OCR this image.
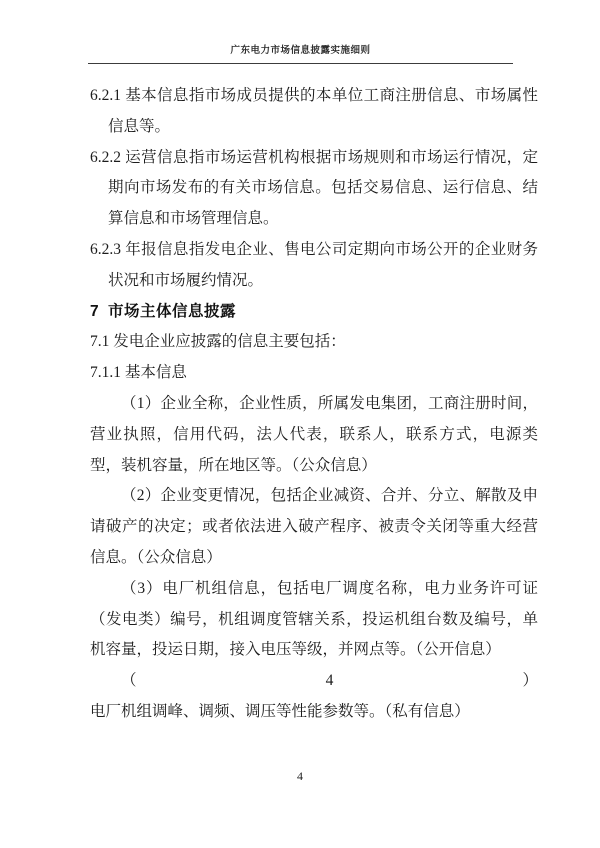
广东电力市场信息披露实施细则

6.2.1 基本信息指市场成员提供的本单位工商注册信息、市场属性信息等。

6.2.2 运营信息指市场运营机构根据市场规则和市场运行情况，定期向市场发布的有关市场信息。包括交易信息、运行信息、结算信息和市场管理信息。

6.2.3 年报信息指发电企业、售电公司定期向市场公开的企业财务状况和市场履约情况。

7 市场主体信息披露

7.1 发电企业应披露的信息主要包括：

7.1.1 基本信息

（1）企业全称，企业性质，所属发电集团，工商注册时间，营业执照，信用代码，法人代表，联系人，联系方式，电源类型，装机容量，所在地区等。（公众信息）

（2）企业变更情况，包括企业减资、合并、分立、解散及申请破产的决定；或者依法进入破产程序、被责令关闭等重大经营信息。（公众信息）

（3）电厂机组信息，包括电厂调度名称，电力业务许可证（发电类）编号，机组调度管辖关系，投运机组台数及编号，单机容量，投运日期，接入电压等级，并网点等。（公开信息）

（4）电厂机组调峰、调频、调压等性能参数等。（私有信息）

4
